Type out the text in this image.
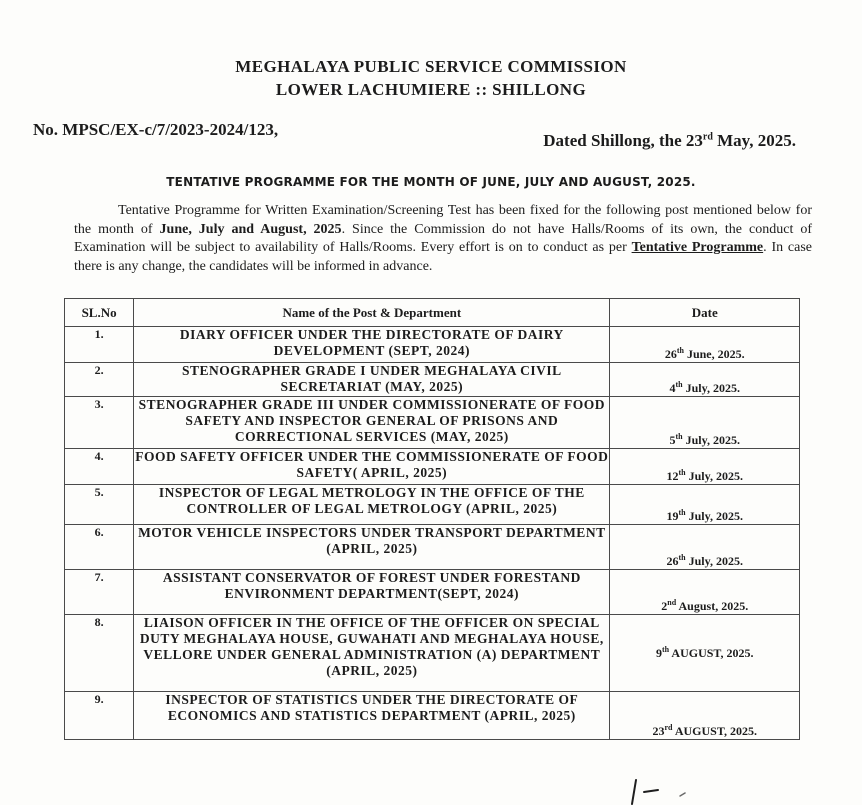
MEGHALAYA PUBLIC SERVICE COMMISSION
LOWER LACHUMIERE :: SHILLONG
No. MPSC/EX-c/7/2023-2024/123,
Dated Shillong, the 23rd May, 2025.
TENTATIVE PROGRAMME FOR THE MONTH OF JUNE, JULY AND AUGUST, 2025.
Tentative Programme for Written Examination/Screening Test has been fixed for the following post mentioned below for the month of June, July and August, 2025. Since the Commission do not have Halls/Rooms of its own, the conduct of Examination will be subject to availability of Halls/Rooms. Every effort is on to conduct as per Tentative Programme. In case there is any change, the candidates will be informed in advance.
SL.No	Name of the Post & Department	Date
1.	DIARY OFFICER UNDER THE DIRECTORATE OF DAIRY DEVELOPMENT (SEPT, 2024)	26th June, 2025.
2.	STENOGRAPHER GRADE I UNDER MEGHALAYA CIVIL SECRETARIAT (MAY, 2025)	4th July, 2025.
3.	STENOGRAPHER GRADE III UNDER COMMISSIONERATE OF FOOD SAFETY AND INSPECTOR GENERAL OF PRISONS AND CORRECTIONAL SERVICES (MAY, 2025)	5th July, 2025.
4.	FOOD SAFETY OFFICER UNDER THE COMMISSIONERATE OF FOOD SAFETY( APRIL, 2025)	12th July, 2025.
5.	INSPECTOR OF LEGAL METROLOGY IN THE OFFICE OF THE CONTROLLER OF LEGAL METROLOGY (APRIL, 2025)	19th July, 2025.
6.	MOTOR VEHICLE INSPECTORS UNDER TRANSPORT DEPARTMENT (APRIL, 2025)	26th July, 2025.
7.	ASSISTANT CONSERVATOR OF FOREST UNDER FORESTAND ENVIRONMENT DEPARTMENT(SEPT, 2024)	2nd August, 2025.
8.	LIAISON OFFICER IN THE OFFICE OF THE OFFICER ON SPECIAL DUTY MEGHALAYA HOUSE, GUWAHATI AND MEGHALAYA HOUSE, VELLORE UNDER GENERAL ADMINISTRATION (A) DEPARTMENT (APRIL, 2025)	9th AUGUST, 2025.
9.	INSPECTOR OF STATISTICS UNDER THE DIRECTORATE OF ECONOMICS AND STATISTICS DEPARTMENT (APRIL, 2025)	23rd AUGUST, 2025.
